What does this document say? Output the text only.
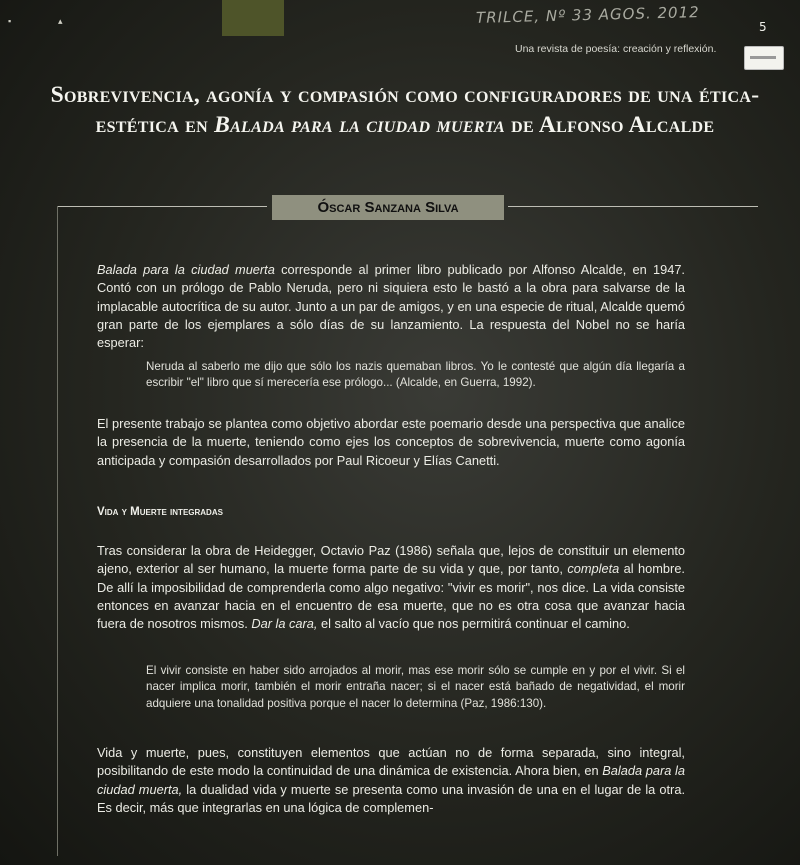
▪	▴	TRILCE, Nº 33 AGOS. 2012
5
Una revista de poesía: creación y reflexión.
Sobrevivencia, agonía y compasión como configuradores de una ética-estética en Balada para la ciudad muerta de Alfonso Alcalde
Óscar Sanzana Silva
Balada para la ciudad muerta corresponde al primer libro publicado por Alfonso Alcalde, en 1947. Contó con un prólogo de Pablo Neruda, pero ni siquiera esto le bastó a la obra para salvarse de la implacable autocrítica de su autor. Junto a un par de amigos, y en una especie de ritual, Alcalde quemó gran parte de los ejemplares a sólo días de su lanzamiento. La respuesta del Nobel no se haría esperar:
Neruda al saberlo me dijo que sólo los nazis quemaban libros. Yo le contesté que algún día llegaría a escribir "el" libro que sí merecería ese prólogo... (Alcalde, en Guerra, 1992).
El presente trabajo se plantea como objetivo abordar este poemario desde una perspectiva que analice la presencia de la muerte, teniendo como ejes los conceptos de sobrevivencia, muerte como agonía anticipada y compasión desarrollados por Paul Ricoeur y Elías Canetti.
Vida y Muerte integradas
Tras considerar la obra de Heidegger, Octavio Paz (1986) señala que, lejos de constituir un elemento ajeno, exterior al ser humano, la muerte forma parte de su vida y que, por tanto, completa al hombre. De allí la imposibilidad de comprenderla como algo negativo: "vivir es morir", nos dice. La vida consiste entonces en avanzar hacia en el encuentro de esa muerte, que no es otra cosa que avanzar hacia fuera de nosotros mismos. Dar la cara, el salto al vacío que nos permitirá continuar el camino.
El vivir consiste en haber sido arrojados al morir, mas ese morir sólo se cumple en y por el vivir. Si el nacer implica morir, también el morir entraña nacer; si el nacer está bañado de negatividad, el morir adquiere una tonalidad positiva porque el nacer lo determina (Paz, 1986:130).
Vida y muerte, pues, constituyen elementos que actúan no de forma separada, sino integral, posibilitando de este modo la continuidad de una dinámica de existencia. Ahora bien, en Balada para la ciudad muerta, la dualidad vida y muerte se presenta como una invasión de una en el lugar de la otra. Es decir, más que integrarlas en una lógica de complemen-
